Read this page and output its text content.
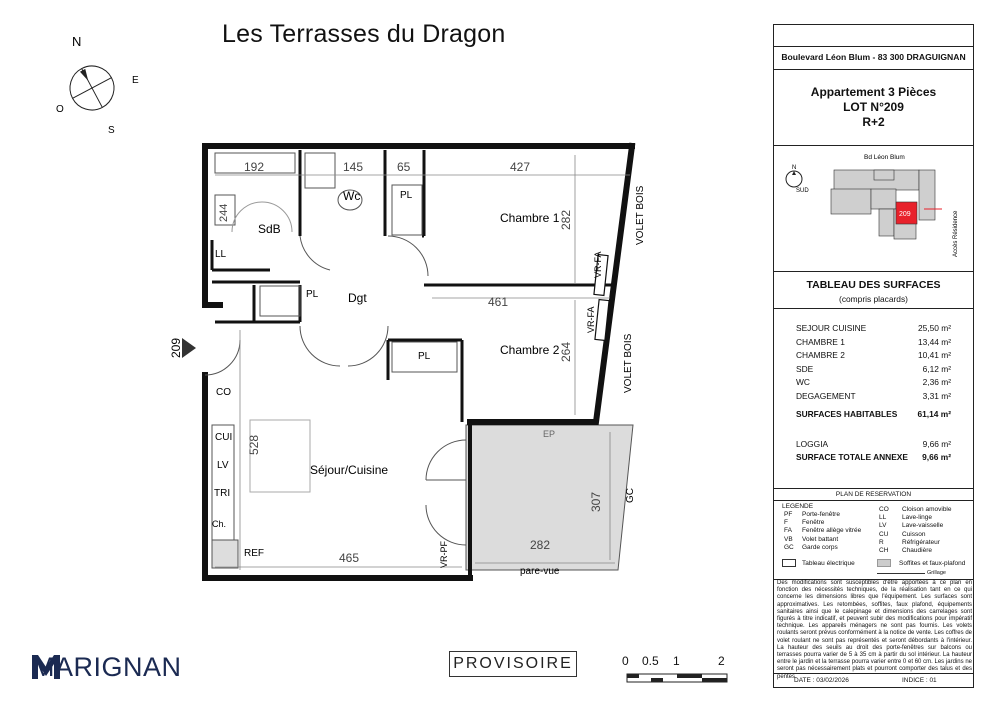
Les Terrasses du Dragon
N
E
O
S
SdB
Wc
Chambre 1
Chambre 2
Dgt
Séjour/Cuisine
EP
LL
PL
PL
PL
CO
CUI
LV
TRI
Ch.
REF
192	145	65	427
461
465
282
244	282
264
528
307
209
VR-FA
VR-FA
VR-PF
VOLET BOIS
VOLET BOIS
GC
pare-vue
Boulevard Léon Blum - 83 300 DRAGUIGNAN
Appartement 3 Pièces
LOT N°209
R+2
Bd Léon Blum
N
SUD
209	Accès Résidence
TABLEAU DES SURFACES
(compris placards)
SEJOUR CUISINE	25,50 m²
CHAMBRE 1	13,44 m²
CHAMBRE 2	10,41 m²
SDE	6,12 m²
WC	2,36 m²
DEGAGEMENT	3,31 m²
SURFACES HABITABLES	61,14 m²
LOGGIA	9,66 m²
SURFACE TOTALE ANNEXE	9,66 m²
PLAN DE RESERVATION
LEGENDE
PF Porte-fenêtre
F Fenêtre
FA Fenêtre allège vitrée
VB Volet battant
GC Garde corps
CO Cloison amovible
LL Lave-linge
LV Lave-vaisselle
CU Cuisson
R	Réfrigérateur
CH Chaudière
Tableau électrique	Soffites et faux-plafond
Grillage
Des modifications sont susceptibles d'être apportées à ce plan en fonction des nécessités techniques, de la réalisation tant en ce qui concerne les dimensions libres que l'équipement. Les surfaces sont approximatives. Les retombées, soffites, faux plafond, équipements sanitaires ainsi que le calepinage et dimensions des carrelages sont figurés à titre indicatif, et peuvent subir des modifications pour impératif technique. Les appareils ménagers ne sont pas fournis. Les volets roulants seront prévus conformément à la notice de vente. Les coffres de volet roulant ne sont pas représentés et seront débordants à l'intérieur. La hauteur des seuils au droit des porte-fenêtres sur balcons ou terrasses pourra varier de 5 à 35 cm à partir du sol intérieur. La hauteur entre le jardin et la terrasse pourra varier entre 0 et 60 cm. Les jardins ne seront pas nécessairement plats et pourront comporter des talus et des pentes.
DATE : 03/02/2026	INDICE : 01
MARIGNAN	PROVISOIRE	0 0.5 1	2
